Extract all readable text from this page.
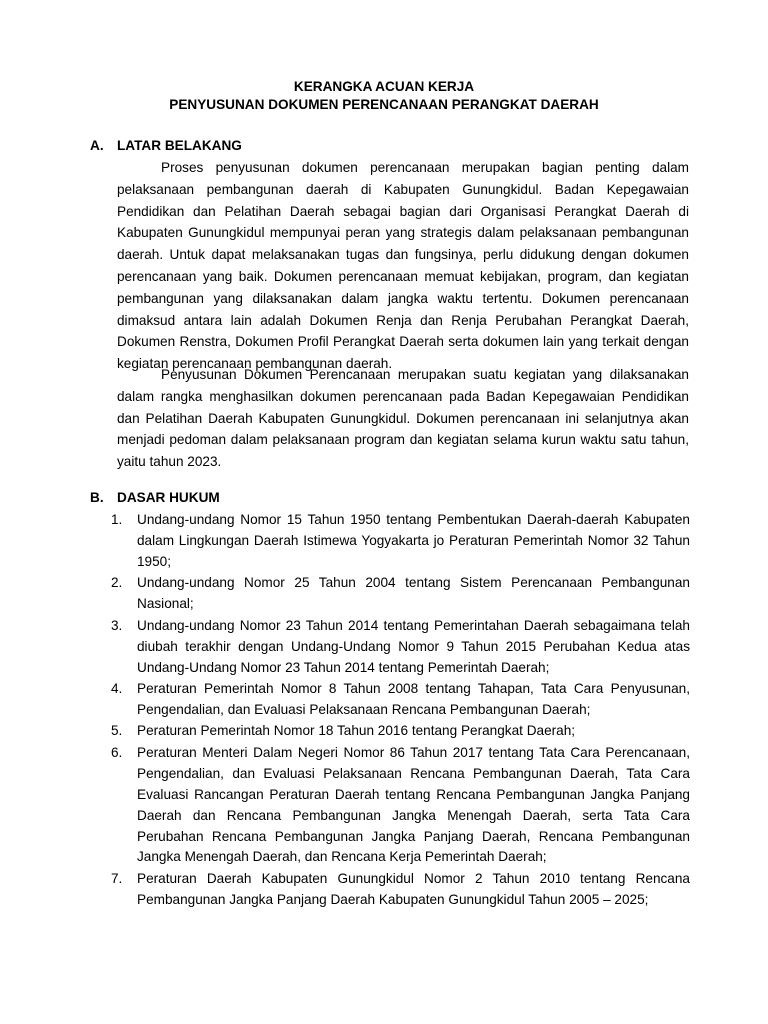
KERANGKA ACUAN KERJA
PENYUSUNAN DOKUMEN PERENCANAAN PERANGKAT DAERAH
A. LATAR BELAKANG

Proses penyusunan dokumen perencanaan merupakan bagian penting dalam pelaksanaan pembangunan daerah di Kabupaten Gunungkidul. Badan Kepegawaian Pendidikan dan Pelatihan Daerah sebagai bagian dari Organisasi Perangkat Daerah di Kabupaten Gunungkidul mempunyai peran yang strategis dalam pelaksanaan pembangunan daerah. Untuk dapat melaksanakan tugas dan fungsinya, perlu didukung dengan dokumen perencanaan yang baik. Dokumen perencanaan memuat kebijakan, program, dan kegiatan pembangunan yang dilaksanakan dalam jangka waktu tertentu. Dokumen perencanaan dimaksud antara lain adalah Dokumen Renja dan Renja Perubahan Perangkat Daerah, Dokumen Renstra, Dokumen Profil Perangkat Daerah serta dokumen lain yang terkait dengan kegiatan perencanaan pembangunan daerah.

Penyusunan Dokumen Perencanaan merupakan suatu kegiatan yang dilaksanakan dalam rangka menghasilkan dokumen perencanaan pada Badan Kepegawaian Pendidikan dan Pelatihan Daerah Kabupaten Gunungkidul. Dokumen perencanaan ini selanjutnya akan menjadi pedoman dalam pelaksanaan program dan kegiatan selama kurun waktu satu tahun, yaitu tahun 2023.

B. DASAR HUKUM
1.	Undang-undang Nomor 15 Tahun 1950 tentang Pembentukan Daerah-daerah Kabupaten dalam Lingkungan Daerah Istimewa Yogyakarta jo Peraturan Pemerintah Nomor 32 Tahun 1950;
2.	Undang-undang Nomor 25 Tahun 2004 tentang Sistem Perencanaan Pembangunan Nasional;
3.	Undang-undang Nomor 23 Tahun 2014 tentang Pemerintahan Daerah sebagaimana telah diubah terakhir dengan Undang-Undang Nomor 9 Tahun 2015 Perubahan Kedua atas Undang-Undang Nomor 23 Tahun 2014 tentang Pemerintah Daerah;
4.	Peraturan Pemerintah Nomor 8 Tahun 2008 tentang Tahapan, Tata Cara Penyusunan, Pengendalian, dan Evaluasi Pelaksanaan Rencana Pembangunan Daerah;
5.	Peraturan Pemerintah Nomor 18 Tahun 2016 tentang Perangkat Daerah;
6.	Peraturan Menteri Dalam Negeri Nomor 86 Tahun 2017 tentang Tata Cara Perencanaan, Pengendalian, dan Evaluasi Pelaksanaan Rencana Pembangunan Daerah, Tata Cara Evaluasi Rancangan Peraturan Daerah tentang Rencana Pembangunan Jangka Panjang Daerah dan Rencana Pembangunan Jangka Menengah Daerah, serta Tata Cara Perubahan Rencana Pembangunan Jangka Panjang Daerah, Rencana Pembangunan Jangka Menengah Daerah, dan Rencana Kerja Pemerintah Daerah;
7.	Peraturan Daerah Kabupaten Gunungkidul Nomor 2 Tahun 2010 tentang Rencana Pembangunan Jangka Panjang Daerah Kabupaten Gunungkidul Tahun 2005 – 2025;
